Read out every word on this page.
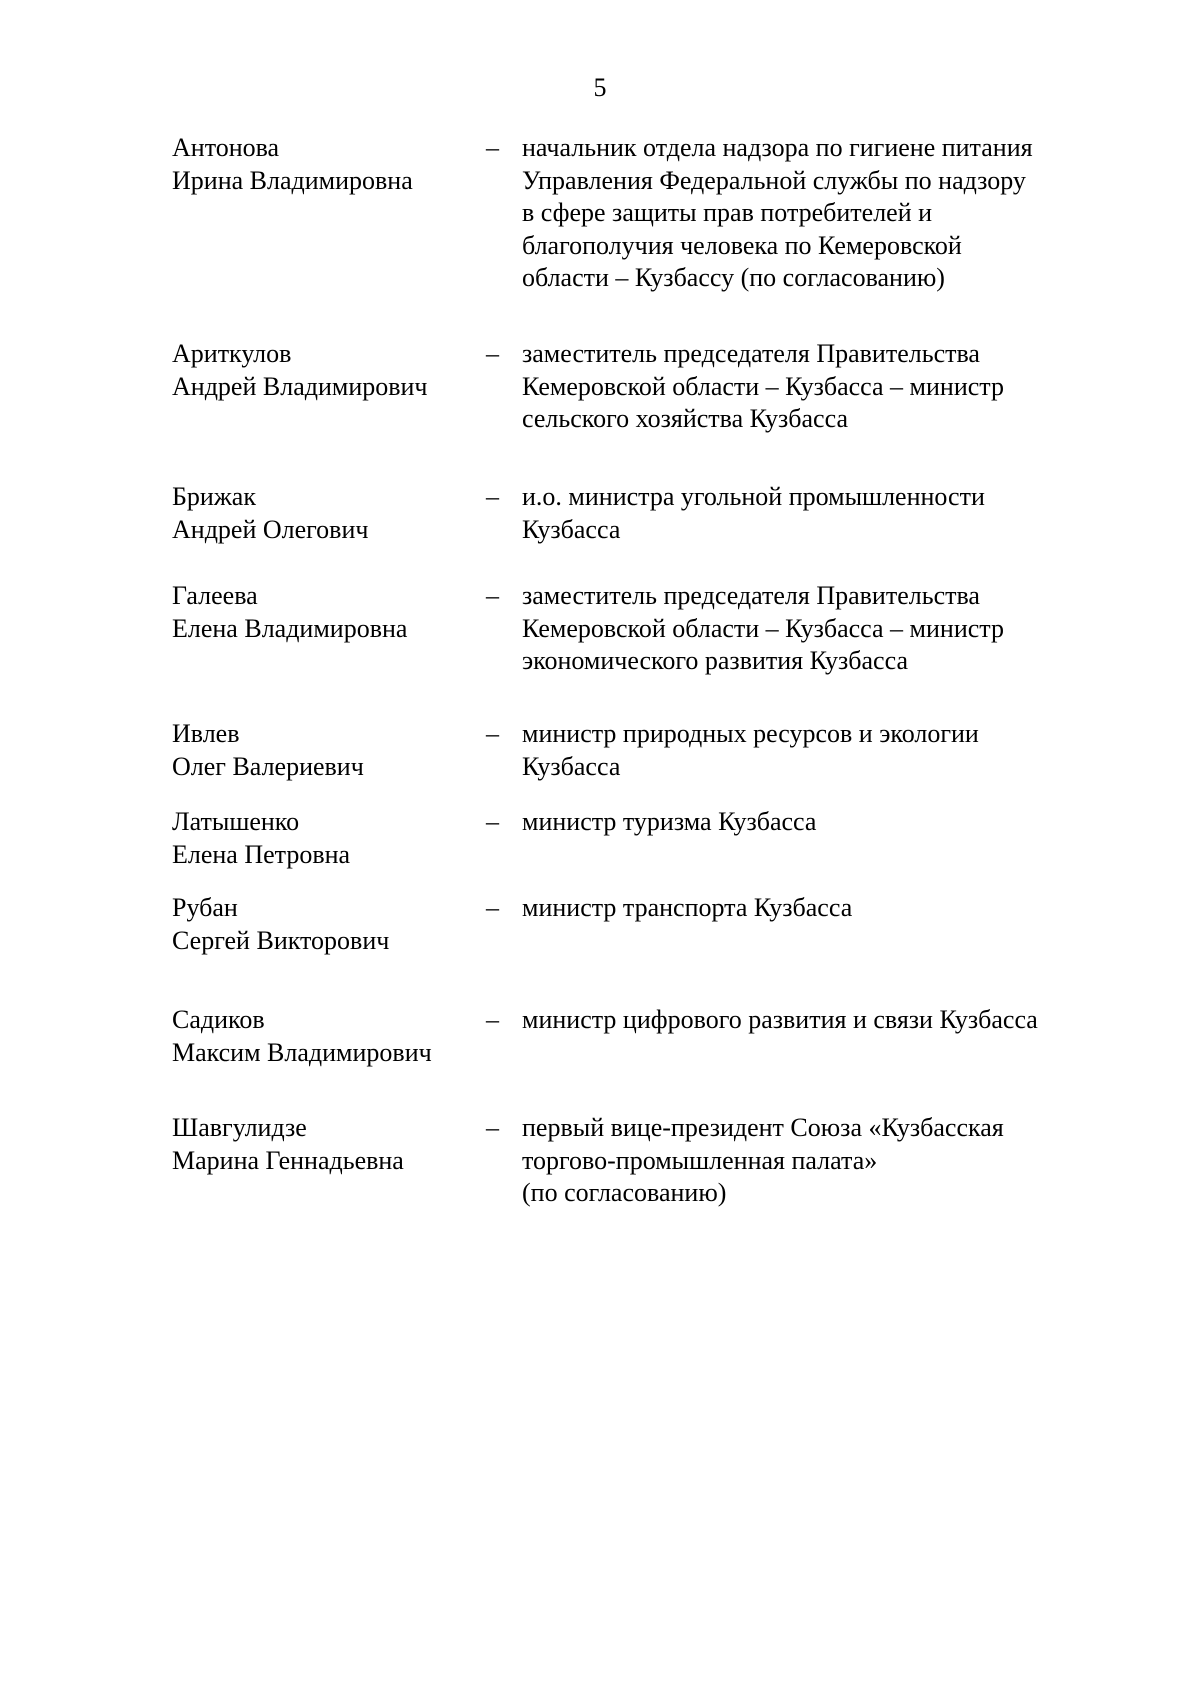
5
Антонова
Ирина Владимировна
– начальник отдела надзора по гигиене питания
Управления Федеральной службы по надзору
в сфере защиты прав потребителей и
благополучия человека по Кемеровской
области – Кузбассу (по согласованию)
Ариткулов
Андрей Владимирович
– заместитель председателя Правительства
Кемеровской области – Кузбасса – министр
сельского хозяйства Кузбасса
Брижак
Андрей Олегович
– и.о. министра угольной промышленности
Кузбасса
Галеева
Елена Владимировна
– заместитель председателя Правительства
Кемеровской области – Кузбасса – министр
экономического развития Кузбасса
Ивлев
Олег Валериевич
– министр природных ресурсов и экологии
Кузбасса
Латышенко
Елена Петровна
– министр туризма Кузбасса
Рубан
Сергей Викторович
– министр транспорта Кузбасса
Садиков
Максим Владимирович
– министр цифрового развития и связи Кузбасса
Шавгулидзе
Марина Геннадьевна
– первый вице-президент Союза «Кузбасская
торгово-промышленная палата»
(по согласованию)
